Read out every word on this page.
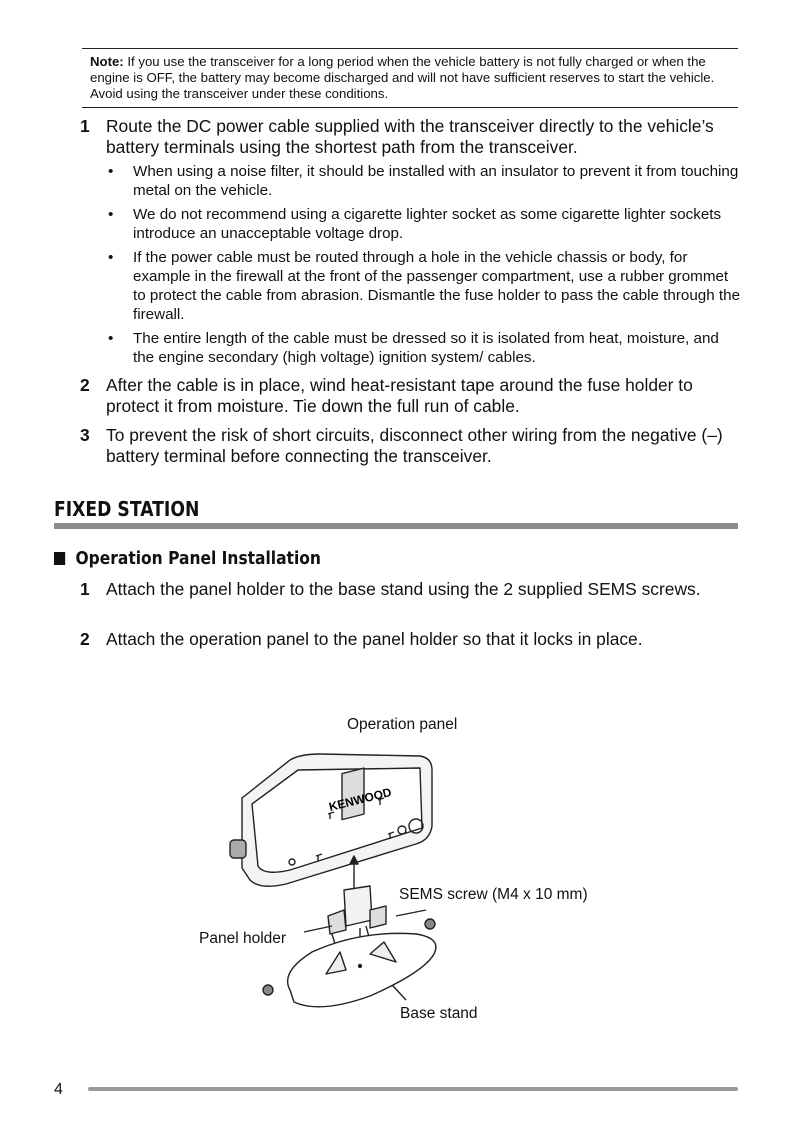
Note: If you use the transceiver for a long period when the vehicle battery is not fully charged or when the engine is OFF, the battery may become discharged and will not have sufficient reserves to start the vehicle. Avoid using the transceiver under these conditions.
1 Route the DC power cable supplied with the transceiver directly to the vehicle’s battery terminals using the shortest path from the transceiver.
• When using a noise filter, it should be installed with an insulator to prevent it from touching metal on the vehicle.
• We do not recommend using a cigarette lighter socket as some cigarette lighter sockets introduce an unacceptable voltage drop.
• If the power cable must be routed through a hole in the vehicle chassis or body, for example in the firewall at the front of the passenger compartment, use a rubber grommet to protect the cable from abrasion. Dismantle the fuse holder to pass the cable through the firewall.
• The entire length of the cable must be dressed so it is isolated from heat, moisture, and the engine secondary (high voltage) ignition system/ cables.
2 After the cable is in place, wind heat-resistant tape around the fuse holder to protect it from moisture. Tie down the full run of cable.
3 To prevent the risk of short circuits, disconnect other wiring from the negative (–) battery terminal before connecting the transceiver.
FIXED STATION
Operation Panel Installation
1 Attach the panel holder to the base stand using the 2 supplied SEMS screws.
2 Attach the operation panel to the panel holder so that it locks in place.
Operation panel
SEMS screw (M4 x 10 mm)
Panel holder
Base stand
KENWOOD
4
